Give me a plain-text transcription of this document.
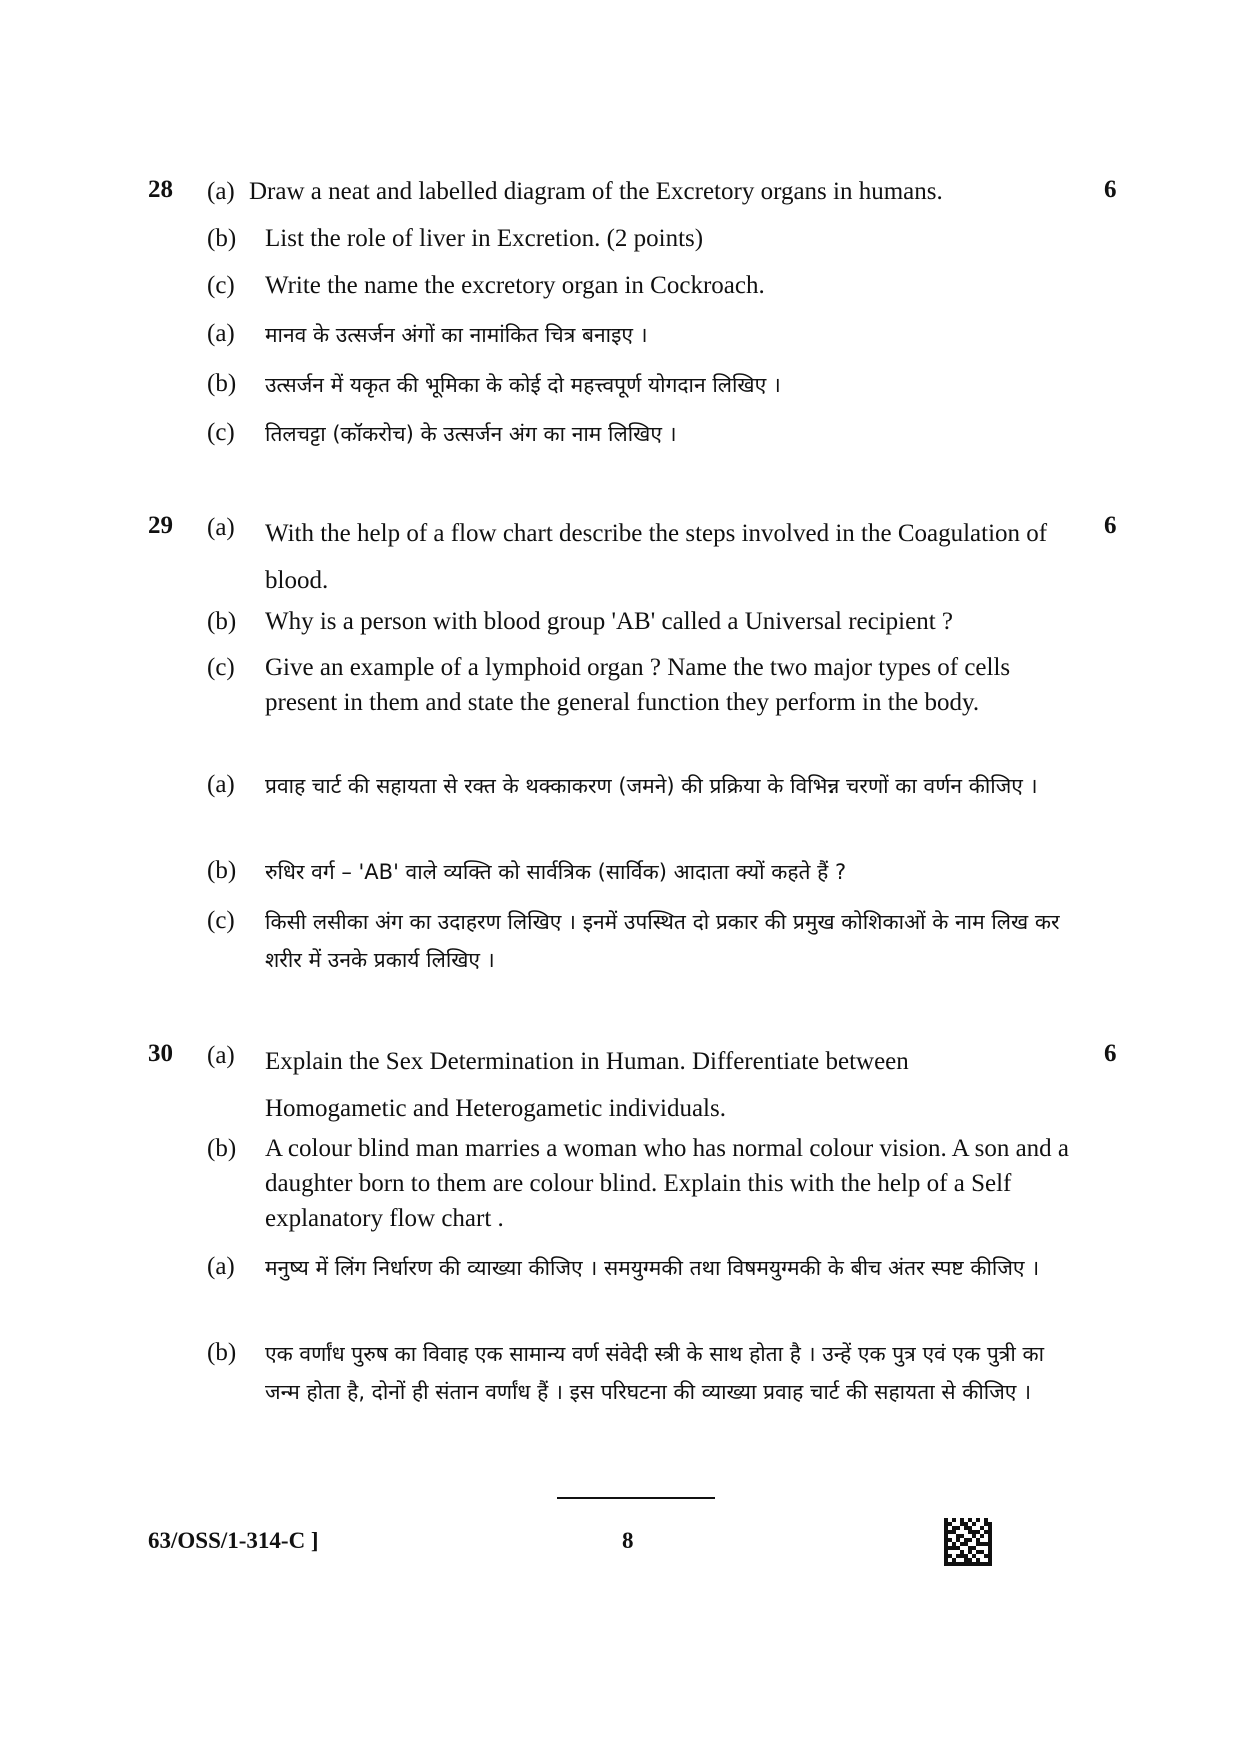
28	6
(a) Draw a neat and labelled diagram of the Excretory organs in humans.
(b) List the role of liver in Excretion. (2 points)
(c) Write the name the excretory organ in Cockroach.
(a) मानव के उत्सर्जन अंगों का नामांकित चित्र बनाइए ।
(b) उत्सर्जन में यकृत की भूमिका के कोई दो महत्त्वपूर्ण योगदान लिखिए ।
(c) तिलचट्टा (कॉकरोच) के उत्सर्जन अंग का नाम लिखिए ।
29	6
(a) With the help of a flow chart describe the steps involved in the Coagulation of blood.
(b) Why is a person with blood group 'AB' called a Universal recipient ?
(c) Give an example of a lymphoid organ ? Name the two major types of cells present in them and state the general function they perform in the body.
(a) प्रवाह चार्ट की सहायता से रक्त के थक्काकरण (जमने) की प्रक्रिया के विभिन्न चरणों का वर्णन कीजिए ।
(b) रुधिर वर्ग – 'AB' वाले व्यक्ति को सार्वत्रिक (सार्विक) आदाता क्यों कहते हैं ?
(c) किसी लसीका अंग का उदाहरण लिखिए । इनमें उपस्थित दो प्रकार की प्रमुख कोशिकाओं के नाम लिख कर शरीर में उनके प्रकार्य लिखिए ।
30	6
(a) Explain the Sex Determination in Human. Differentiate between Homogametic and Heterogametic individuals.
(b) A colour blind man marries a woman who has normal colour vision. A son and a daughter born to them are colour blind. Explain this with the help of a Self explanatory flow chart .
(a) मनुष्य में लिंग निर्धारण की व्याख्या कीजिए । समयुग्मकी तथा विषमयुग्मकी के बीच अंतर स्पष्ट कीजिए ।
(b) एक वर्णांध पुरुष का विवाह एक सामान्य वर्ण संवेदी स्त्री के साथ होता है । उन्हें एक पुत्र एवं एक पुत्री का जन्म होता है, दोनों ही संतान वर्णांध हैं । इस परिघटना की व्याख्या प्रवाह चार्ट की सहायता से कीजिए ।
63/OSS/1-314-C ]	8
